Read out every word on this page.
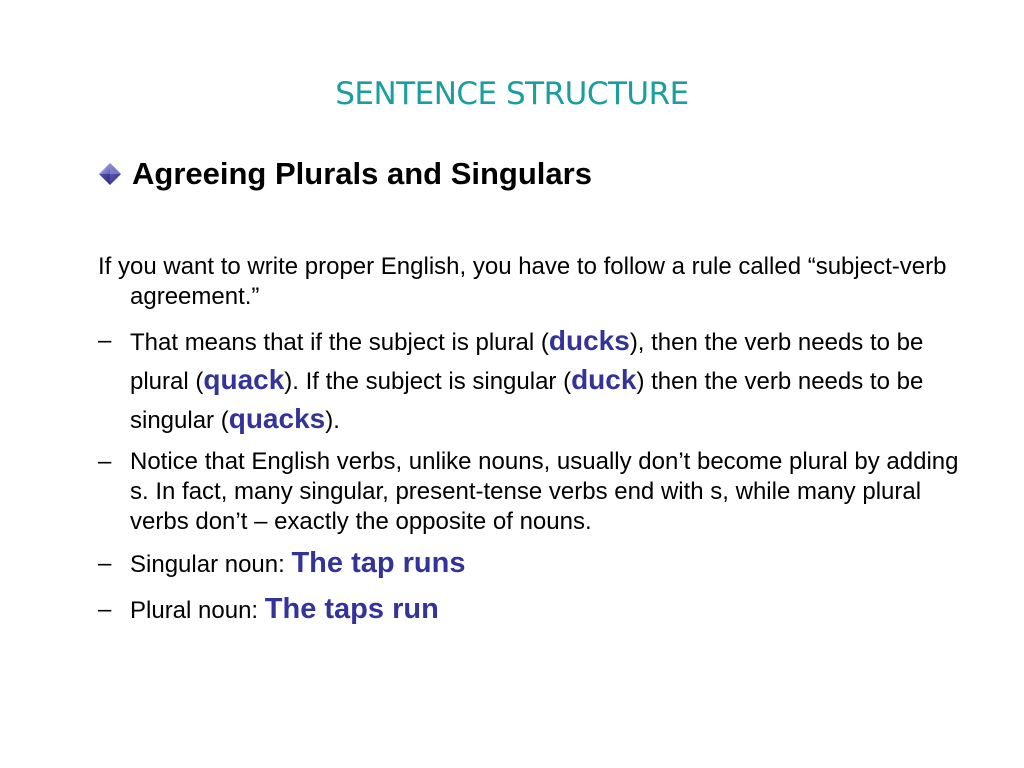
SENTENCE STRUCTURE
Agreeing Plurals and Singulars

If you want to write proper English, you have to follow a rule called “subject-verb agreement.”

– That means that if the subject is plural (ducks), then the verb needs to be plural (quack). If the subject is singular (duck) then the verb needs to be singular (quacks).
– Notice that English verbs, unlike nouns, usually don’t become plural by adding s. In fact, many singular, present-tense verbs end with s, while many plural verbs don’t – exactly the opposite of nouns.
– Singular noun: The tap runs
– Plural noun: The taps run
